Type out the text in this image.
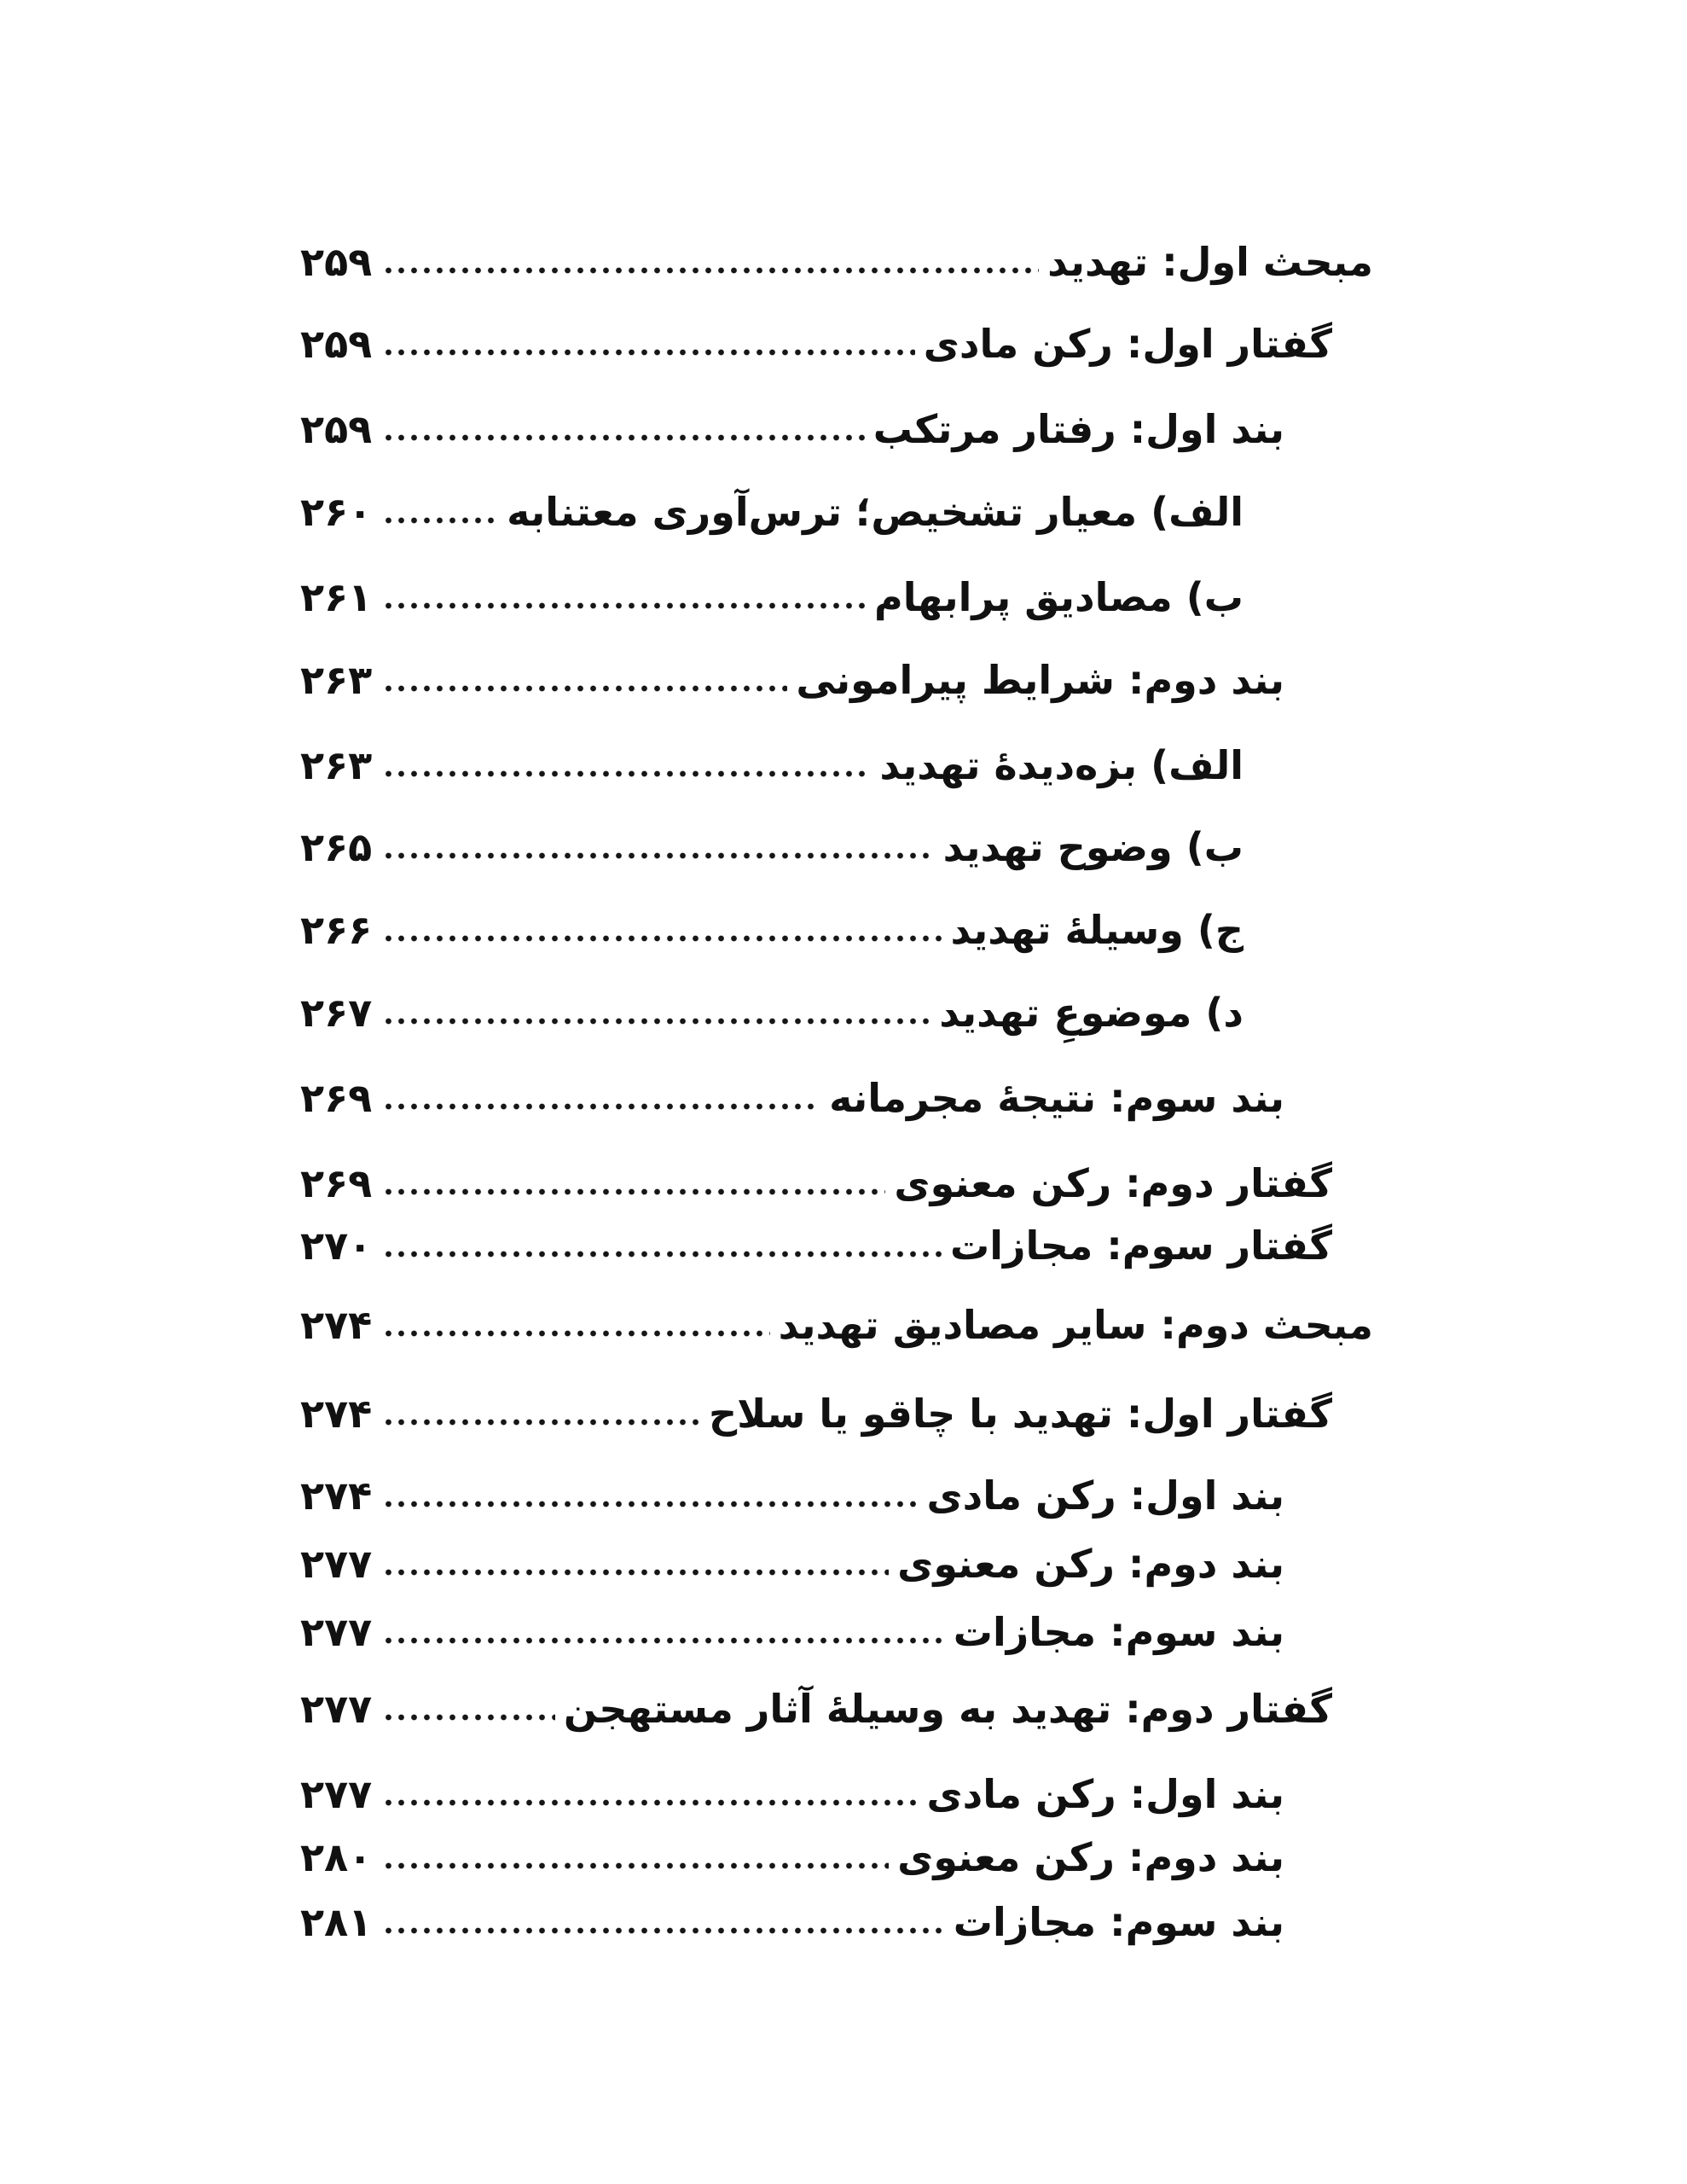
مبحث اول: تهدید
۲۵۹
گفتار اول: رکن مادی
۲۵۹
بند اول: رفتار مرتکب
۲۵۹
الف) معیار تشخیص؛ ترس‌آوری معتنابه
۲۶۰
ب) مصادیق پرابهام
۲۶۱
بند دوم: شرایط پیرامونی
۲۶۳
الف) بزه‌دیدۀ تهدید
۲۶۳
ب) وضوح تهدید
۲۶۵
ج) وسیلۀ تهدید
۲۶۶
د) موضوعِ تهدید
۲۶۷
بند سوم: نتیجۀ مجرمانه
۲۶۹
گفتار دوم: رکن معنوی
۲۶۹
گفتار سوم: مجازات
۲۷۰
مبحث دوم: سایر مصادیق تهدید
۲۷۴
گفتار اول: تهدید با چاقو یا سلاح
۲۷۴
بند اول: رکن مادی
۲۷۴
بند دوم: رکن معنوی
۲۷۷
بند سوم: مجازات
۲۷۷
گفتار دوم: تهدید به وسیلۀ آثار مستهجن
۲۷۷
بند اول: رکن مادی
۲۷۷
بند دوم: رکن معنوی
۲۸۰
بند سوم: مجازات
۲۸۱
